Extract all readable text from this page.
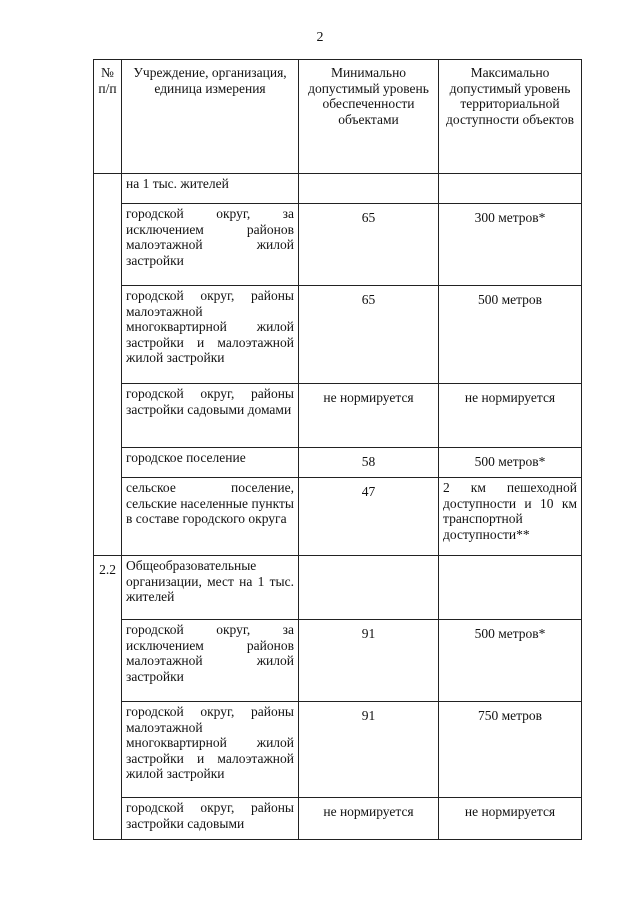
2
№ п/п	Учреждение, организация, единица измерения	Минимально допустимый уровень обеспеченности объектами	Максимально допустимый уровень территориальной доступности объектов
	на 1 тыс. жителей		
	городской округ, за исключением районов малоэтажной жилой застройки	65	300 метров*
	городской округ, районы малоэтажной многоквартирной жилой застройки и малоэтажной жилой застройки	65	500 метров
	городской округ, районы застройки садовыми домами	не нормируется	не нормируется
	городское поселение	58	500 метров*
	сельское поселение, сельские населенные пункты в составе городского округа	47	2 км пешеходной доступности и 10 км транспортной доступности**
2.2	Общеобразовательные организации, мест на 1 тыс. жителей		
	городской округ, за исключением районов малоэтажной жилой застройки	91	500 метров*
	городской округ, районы малоэтажной многоквартирной жилой застройки и малоэтажной жилой застройки	91	750 метров
	городской округ, районы застройки садовыми	не нормируется	не нормируется
